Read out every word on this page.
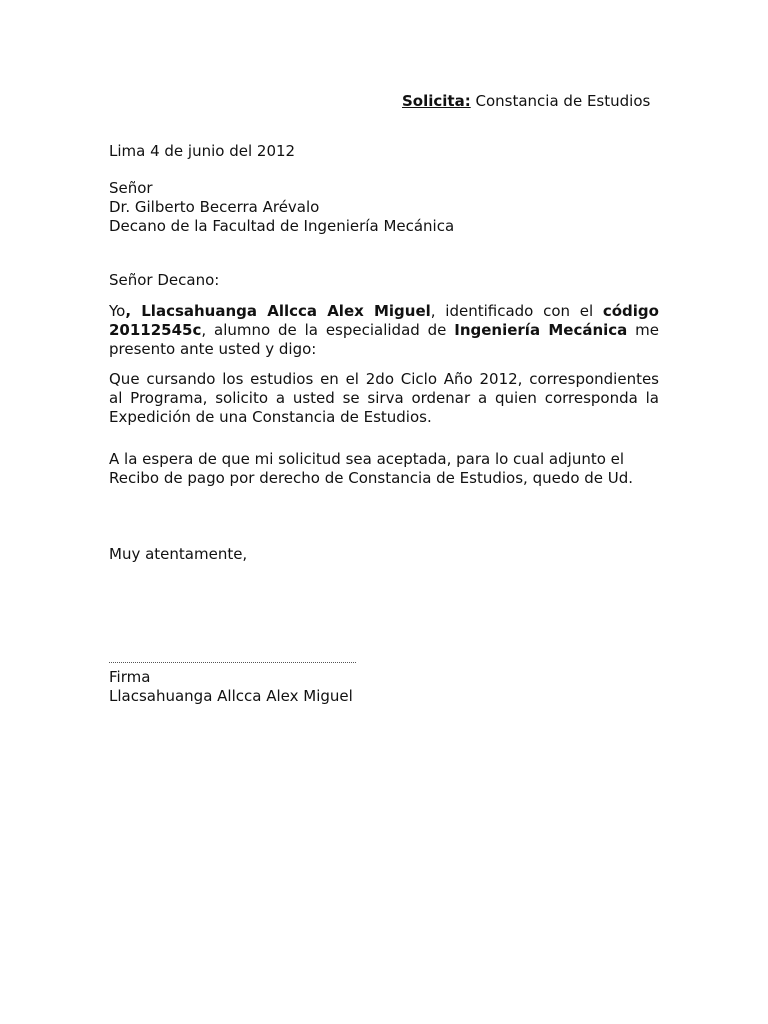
Solicita: Constancia de Estudios
Lima 4 de junio del 2012
Señor
Dr. Gilberto Becerra Arévalo
Decano de la Facultad de Ingeniería Mecánica
Señor Decano:
Yo, Llacsahuanga Allcca Alex Miguel, identificado con el código
20112545c, alumno de la especialidad de Ingeniería Mecánica me
presento ante usted y digo:
Que cursando los estudios en el 2do Ciclo Año 2012, correspondientes
al Programa, solicito a usted se sirva ordenar a quien corresponda la
Expedición de una Constancia de Estudios.
A la espera de que mi solicitud sea aceptada, para lo cual adjunto el
Recibo de pago por derecho de Constancia de Estudios, quedo de Ud.
Muy atentamente,
Firma
Llacsahuanga Allcca Alex Miguel
